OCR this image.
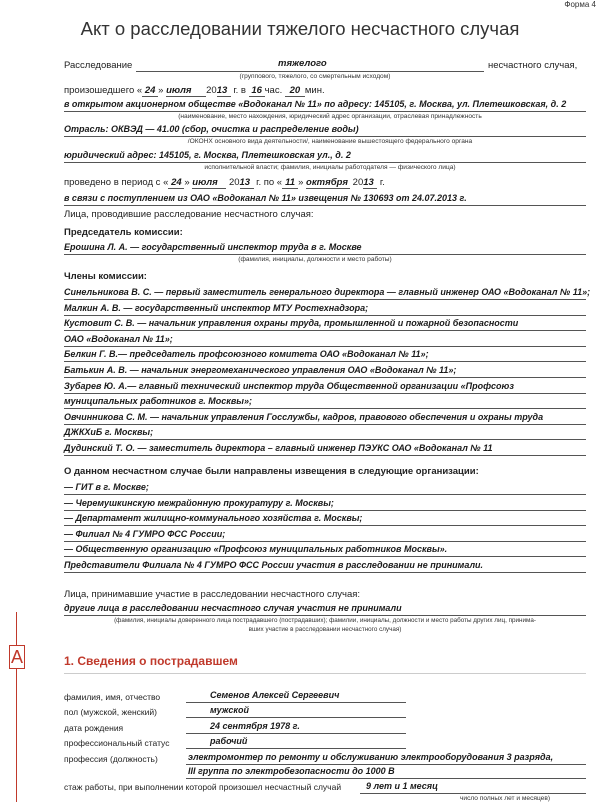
Форма 4
Акт о расследовании тяжелого несчастного случая
Расследование	тяжелого	несчастного случая,
(группового, тяжелого, со смертельным исходом)
произошедшего « 24 » июля 2013 г. в 16 час. 20 мин.
в открытом акционерном обществе «Водоканал № 11» по адресу: 145105, г. Москва, ул. Плетешковская, д. 2
(наименование, место нахождения, юридический адрес организации, отраслевая принадлежность
Отрасль: ОКВЭД — 41.00 (сбор, очистка и распределение воды)
/ОКОНХ основного вида деятельности/, наименование вышестоящего федерального органа
юридический адрес: 145105, г. Москва, Плетешковская ул., д. 2
исполнительной власти; фамилия, инициалы работодателя — физического лица)
проведено в период с « 24 » июля 2013 г. по « 11 » октября 2013 г.
в связи с поступлением из ОАО «Водоканал № 11» извещения № 130693 от 24.07.2013 г.
Лица, проводившие расследование несчастного случая:
Председатель комиссии:
Ерошина Л. А. — государственный инспектор труда в г. Москве
(фамилия, инициалы, должности и место работы)
Члены комиссии:
Синельникова В. С. — первый заместитель генерального директора — главный инженер ОАО «Водоканал № 11»;
Малкин А. В. — государственный инспектор МТУ Ростехнадзора;
Кустовит С. В. — начальник управления охраны труда, промышленной и пожарной безопасности
ОАО «Водоканал № 11»;
Белкин Г. В.— председатель профсоюзного комитета ОАО «Водоканал № 11»;
Батькин А. В. — начальник энергомеханического управления ОАО «Водоканал № 11»;
Зубарев Ю. А.— главный технический инспектор труда Общественной организации «Профсоюз
муниципальных работников г. Москвы»;
Овчинникова С. М. — начальник управления Госслужбы, кадров, правового обеспечения и охраны труда
ДЖКХиБ г. Москвы;
Дудинский Т. О. — заместитель директора – главный инженер ПЭУКС ОАО «Водоканал № 11
О данном несчастном случае были направлены извещения в следующие организации:
— ГИТ в г. Москве;
— Черемушкинскую межрайонную прокуратуру г. Москвы;
— Департамент жилищно-коммунального хозяйства г. Москвы;
— Филиал № 4 ГУМРО ФСС России;
— Общественную организацию «Профсоюз муниципальных работников Москвы».
Представители Филиала № 4 ГУМРО ФСС России участия в расследовании не принимали.
Лица, принимавшие участие в расследовании несчастного случая:
другие лица в расследовании несчастного случая участия не принимали
(фамилия, инициалы доверенного лица пострадавшего (пострадавших); фамилии, инициалы, должности и место работы других лиц, принима-
вших участие в расследовании несчастного случая)
A	1. Сведения о пострадавшем
фамилия, имя, отчество	Семенов Алексей Сергеевич
пол (мужской, женский)	мужской
дата рождения	24 сентября 1978 г.
профессиональный статус	рабочий
профессия (должность)	электромонтер по ремонту и обслуживанию электрооборудования 3 разряда,
III группа по электробезопасности до 1000 В
стаж работы, при выполнении которой произошел несчастный случай	9 лет и 1 месяц
число полных лет и месяцев)
